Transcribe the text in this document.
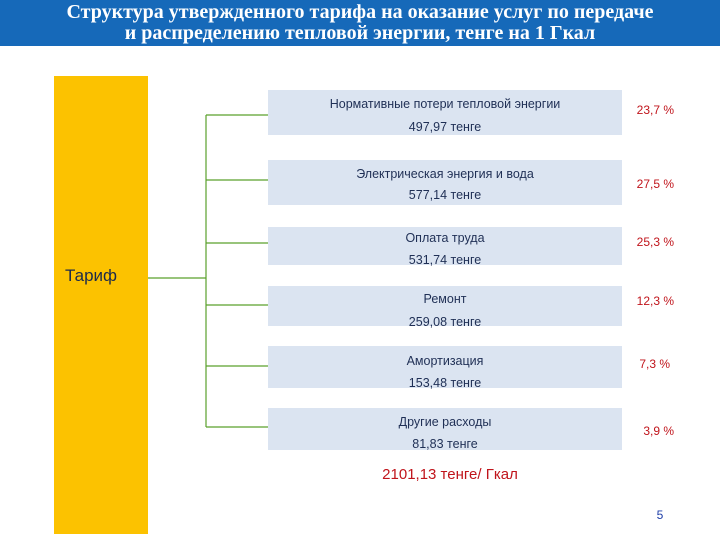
Структура утвержденного тарифа на оказание услуг по передаче
и распределению тепловой энергии, тенге на 1 Гкал
Тариф
Нормативные потери тепловой энергии
497,97 тенге
23,7 %
Электрическая энергия и вода
577,14 тенге
27,5 %
Оплата труда
531,74 тенге
25,3 %
Ремонт
259,08 тенге
12,3 %
Амортизация
153,48 тенге
7,3 %
Другие расходы
81,83 тенге
3,9 %
2101,13 тенге/ Гкал
5
